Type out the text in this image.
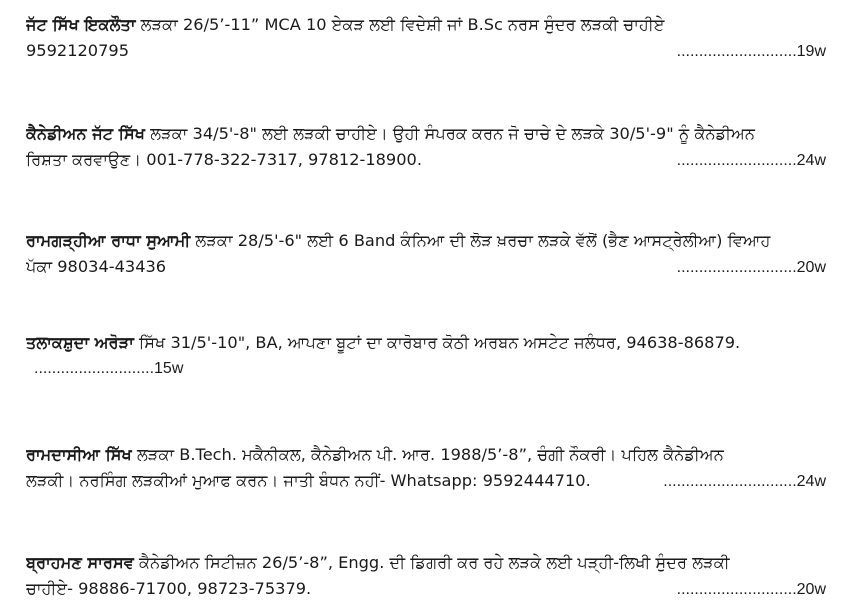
ਜੱਟ ਸਿੱਖ ਇਕਲੌਤਾ ਲੜਕਾ 26/5’-11” MCA 10 ਏਕੜ ਲਈ ਵਿਦੇਸ਼ੀ ਜਾਂ B.Sc ਨਰਸ ਸੁੰਦਰ ਲੜਕੀ ਚਾਹੀਏ
9592120795	...........................19w
ਕੈਨੇਡੀਅਨ ਜੱਟ ਸਿੱਖ ਲੜਕਾ 34/5'-8" ਲਈ ਲੜਕੀ ਚਾਹੀਏ। ਉਹੀ ਸੰਪਰਕ ਕਰਨ ਜੋ ਚਾਚੇ ਦੇ ਲੜਕੇ 30/5'-9" ਨੂੰ ਕੈਨੇਡੀਅਨ
ਰਿਸ਼ਤਾ ਕਰਵਾਉਣ। 001-778-322-7317, 97812-18900.	...........................24w
ਰਾਮਗੜ੍ਹੀਆ ਰਾਧਾ ਸੁਆਮੀ ਲੜਕਾ 28/5'-6" ਲਈ 6 Band ਕੰਨਿਆ ਦੀ ਲੋੜ ਖ਼ਰਚਾ ਲੜਕੇ ਵੱਲੋਂ (ਭੈਣ ਆਸਟ੍ਰੇਲੀਆ) ਵਿਆਹ
ਪੱਕਾ 98034-43436	...........................20w
ਤਲਾਕਸ਼ੁਦਾ ਅਰੋੜਾ ਸਿੱਖ 31/5'-10", BA, ਆਪਣਾ ਬੂਟਾਂ ਦਾ ਕਾਰੋਬਾਰ ਕੋਠੀ ਅਰਬਨ ਅਸਟੇਟ ਜਲੰਧਰ, 94638-86879.
...........................15w
ਰਾਮਦਾਸੀਆ ਸਿੱਖ ਲੜਕਾ B.Tech. ਮਕੈਨੀਕਲ, ਕੈਨੇਡੀਅਨ ਪੀ. ਆਰ. 1988/5’-8”, ਚੰਗੀ ਨੌਕਰੀ। ਪਹਿਲ ਕੈਨੇਡੀਅਨ
ਲੜਕੀ। ਨਰਸਿੰਗ ਲੜਕੀਆਂ ਮੁਆਫ ਕਰਨ। ਜਾਤੀ ਬੰਧਨ ਨਹੀਂ- Whatsapp: 9592444710.	..............................24w
ਬ੍ਰਾਹਮਣ ਸਾਰਸਵ ਕੈਨੇਡੀਅਨ ਸਿਟੀਜ਼ਨ 26/5’-8”, Engg. ਦੀ ਡਿਗਰੀ ਕਰ ਰਹੇ ਲੜਕੇ ਲਈ ਪੜ੍ਹੀ-ਲਿਖੀ ਸੁੰਦਰ ਲੜਕੀ
ਚਾਹੀਏ- 98886-71700, 98723-75379.	...........................20w
